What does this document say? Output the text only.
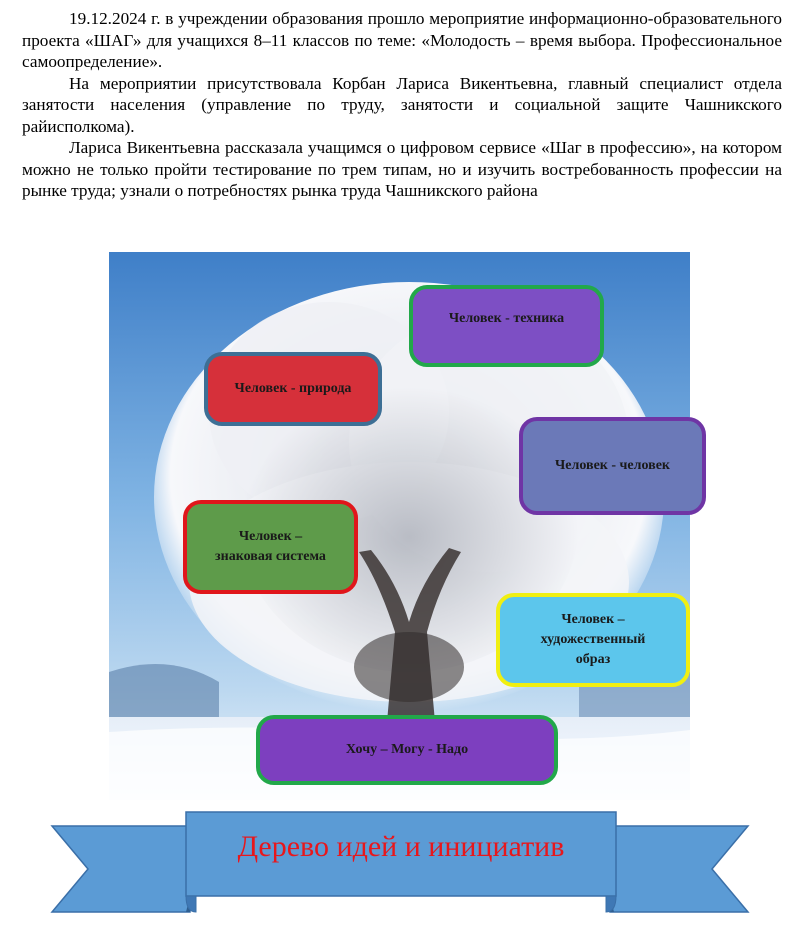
19.12.2024 г. в учреждении образования прошло мероприятие информационно-образовательного проекта «ШАГ» для учащихся 8–11 классов по теме: «Молодость – время выбора. Профессиональное самоопределение».

На мероприятии присутствовала Корбан Лариса Викентьевна, главный специалист отдела занятости населения (управление по труду, занятости и социальной защите Чашникского райисполкома).

Лариса Викентьевна рассказала учащимся о цифровом сервисе «Шаг в профессию», на котором можно не только пройти тестирование по трем типам, но и изучить востребованность профессии на рынке труда; узнали о потребностях рынка труда Чашникского района

Человек - техника
Человек - природа
Человек - человек
Человек –
знаковая система
Человек –
художественный
образ
Хочу – Могу - Надо
Дерево идей и инициатив
